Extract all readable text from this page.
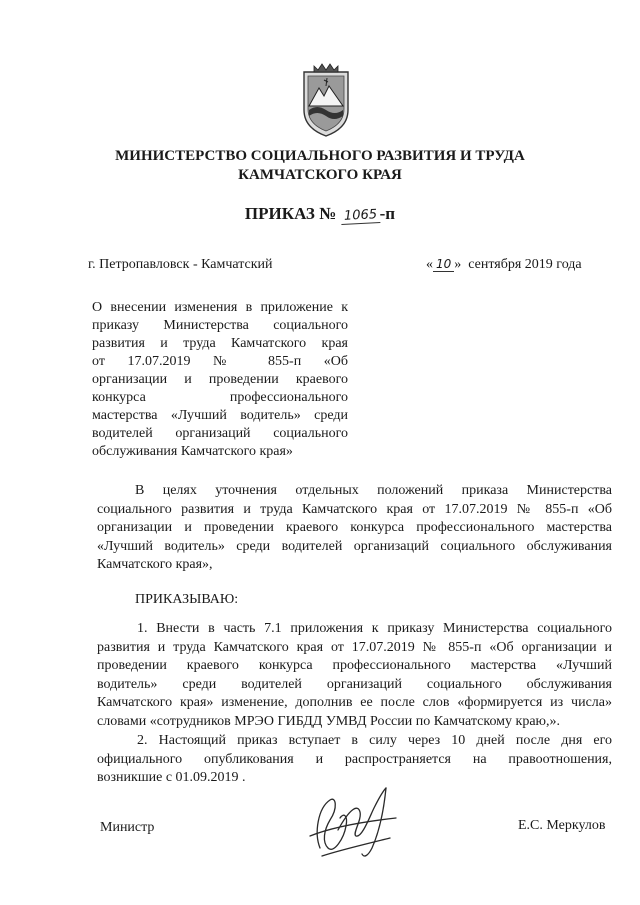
МИНИСТЕРСТВО СОЦИАЛЬНОГО РАЗВИТИЯ И ТРУДА
КАМЧАТСКОГО КРАЯ
ПРИКАЗ № 1065 -п
г. Петропавловск - Камчатский	« 10 » сентября 2019 года
О внесении изменения в приложение к
приказу Министерства социального
развития и труда Камчатского края
от 17.07.2019 № 855-п «Об
организации и проведении краевого
конкурса профессионального
мастерства «Лучший водитель» среди
водителей организаций социального
обслуживания Камчатского края»
В целях уточнения отдельных положений приказа Министерства
социального развития и труда Камчатского края от 17.07.2019 № 855-п «Об
организации и проведении краевого конкурса профессионального мастерства
«Лучший водитель» среди водителей организаций социального обслуживания
Камчатского края»,
ПРИКАЗЫВАЮ:
1. Внести в часть 7.1 приложения к приказу Министерства социального
развития и труда Камчатского края от 17.07.2019 № 855-п «Об организации и
проведении краевого конкурса профессионального мастерства «Лучший
водитель» среди водителей организаций социального обслуживания
Камчатского края» изменение, дополнив ее после слов «формируется из числа»
словами «сотрудников МРЭО ГИБДД УМВД России по Камчатскому краю,».
2. Настоящий приказ вступает в силу через 10 дней после дня его
официального опубликования и распространяется на правоотношения,
возникшие с 01.09.2019 .
Министр	Е.С. Меркулов
